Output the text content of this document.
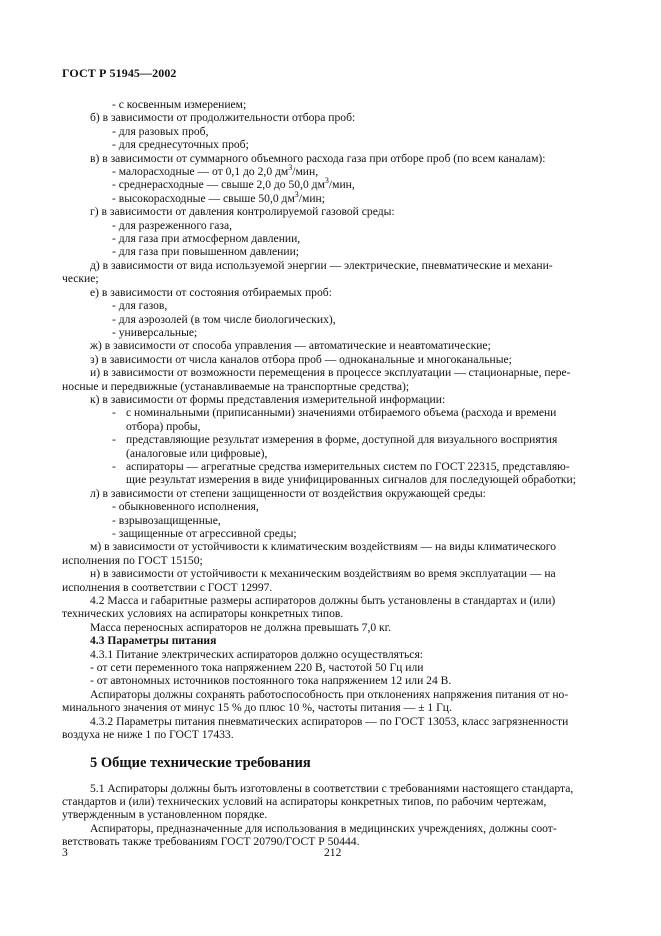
ГОСТ Р 51945—2002
- с косвенным измерением;
б) в зависимости от продолжительности отбора проб:
- для разовых проб,
- для среднесуточных проб;
в) в зависимости от суммарного объемного расхода газа при отборе проб (по всем каналам):
- малорасходные — от 0,1 до 2,0 $дм^3$/мин,
- среднерасходные — свыше 2,0 до 50,0 $дм^3$/мин,
- высокорасходные — свыше 50,0 $дм^3$/мин;
г) в зависимости от давления контролируемой газовой среды:
- для разреженного газа,
- для газа при атмосферном давлении,
- для газа при повышенном давлении;
д) в зависимости от вида используемой энергии — электрические, пневматические и механи-
ческие;
е) в зависимости от состояния отбираемых проб:
- для газов,
- для аэрозолей (в том числе биологических),
- универсальные;
ж) в зависимости от способа управления — автоматические и неавтоматические;
з) в зависимости от числа каналов отбора проб — одноканальные и многоканальные;
и) в зависимости от возможности перемещения в процессе эксплуатации — стационарные, пере-
носные и передвижные (устанавливаемые на транспортные средства);
к) в зависимости от формы представления измерительной информации:
- с номинальными (приписанными) значениями отбираемого объема (расхода и времени
отбора) пробы,
- представляющие результат измерения в форме, доступной для визуального восприятия
(аналоговые или цифровые),
- аспираторы — агрегатные средства измерительных систем по ГОСТ 22315, представляю-
щие результат измерения в виде унифицированных сигналов для последующей обработки;
л) в зависимости от степени защищенности от воздействия окружающей среды:
- обыкновенного исполнения,
- взрывозащищенные,
- защищенные от агрессивной среды;
м) в зависимости от устойчивости к климатическим воздействиям — на виды климатического
исполнения по ГОСТ 15150;
н) в зависимости от устойчивости к механическим воздействиям во время эксплуатации — на
исполнения в соответствии с ГОСТ 12997.
4.2 Масса и габаритные размеры аспираторов должны быть установлены в стандартах и (или)
технических условиях на аспираторы конкретных типов.
Масса переносных аспираторов не должна превышать 7,0 кг.
4.3 Параметры питания
4.3.1 Питание электрических аспираторов должно осуществляться:
- от сети переменного тока напряжением 220 В, частотой 50 Гц или
- от автономных источников постоянного тока напряжением 12 или 24 В.
Аспираторы должны сохранять работоспособность при отклонениях напряжения питания от но-
минального значения от минус 15 % до плюс 10 %, частоты питания — ± 1 Гц.
4.3.2 Параметры питания пневматических аспираторов — по ГОСТ 13053, класс загрязненности
воздуха не ниже 1 по ГОСТ 17433.
5 Общие технические требования
5.1 Аспираторы должны быть изготовлены в соответствии с требованиями настоящего стандарта,
стандартов и (или) технических условий на аспираторы конкретных типов, по рабочим чертежам,
утвержденным в установленном порядке.
Аспираторы, предназначенные для использования в медицинских учреждениях, должны соот-
ветствовать также требованиям ГОСТ 20790/ГОСТ Р 50444.
3	212
